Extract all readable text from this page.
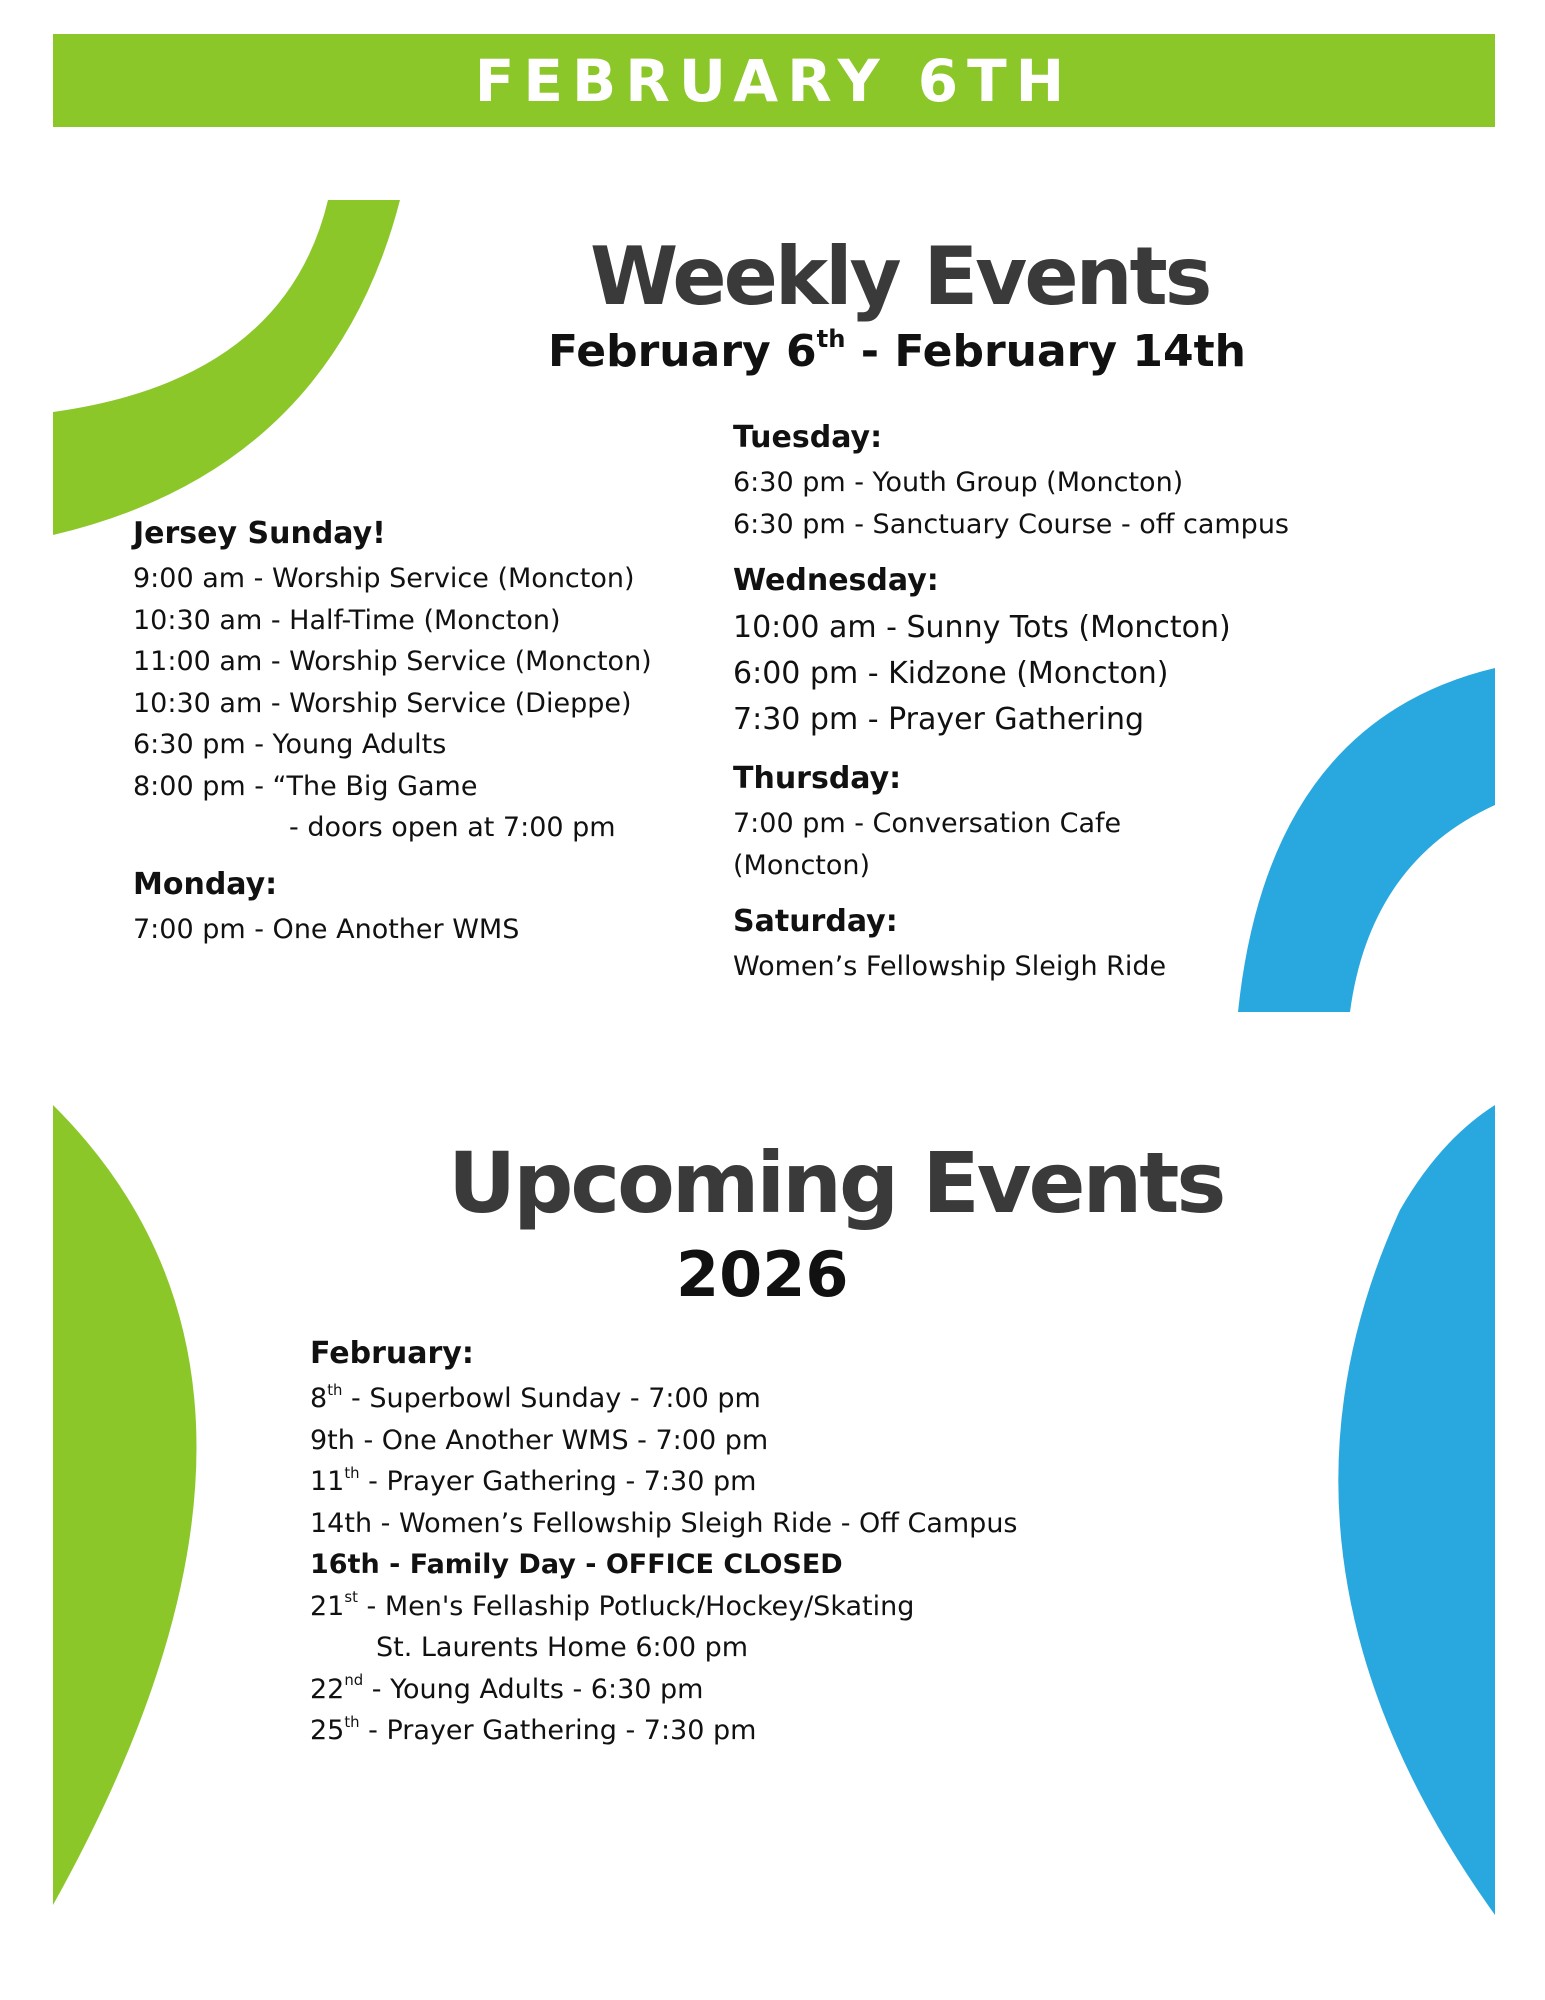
FEBRUARY 6TH
Weekly Events
February 6th - February 14th
Jersey Sunday!
9:00 am - Worship Service (Moncton)
10:30 am - Half-Time (Moncton)
11:00 am - Worship Service (Moncton)
10:30 am - Worship Service (Dieppe)
6:30 pm - Young Adults
8:00 pm - “The Big Game
- doors open at 7:00 pm
Monday:
7:00 pm - One Another WMS
Tuesday:
6:30 pm - Youth Group (Moncton)
6:30 pm - Sanctuary Course - off campus
Wednesday:
10:00 am - Sunny Tots (Moncton)
6:00 pm - Kidzone (Moncton)
7:30 pm - Prayer Gathering
Thursday:
7:00 pm - Conversation Cafe
(Moncton)
Saturday:
Women’s Fellowship Sleigh Ride
Upcoming Events
2026
February:
8th - Superbowl Sunday - 7:00 pm
9th - One Another WMS - 7:00 pm
11th - Prayer Gathering - 7:30 pm
14th - Women’s Fellowship Sleigh Ride - Off Campus
16th - Family Day - OFFICE CLOSED
21st - Men's Fellaship Potluck/Hockey/Skating
St. Laurents Home 6:00 pm
22nd - Young Adults - 6:30 pm
25th - Prayer Gathering - 7:30 pm
